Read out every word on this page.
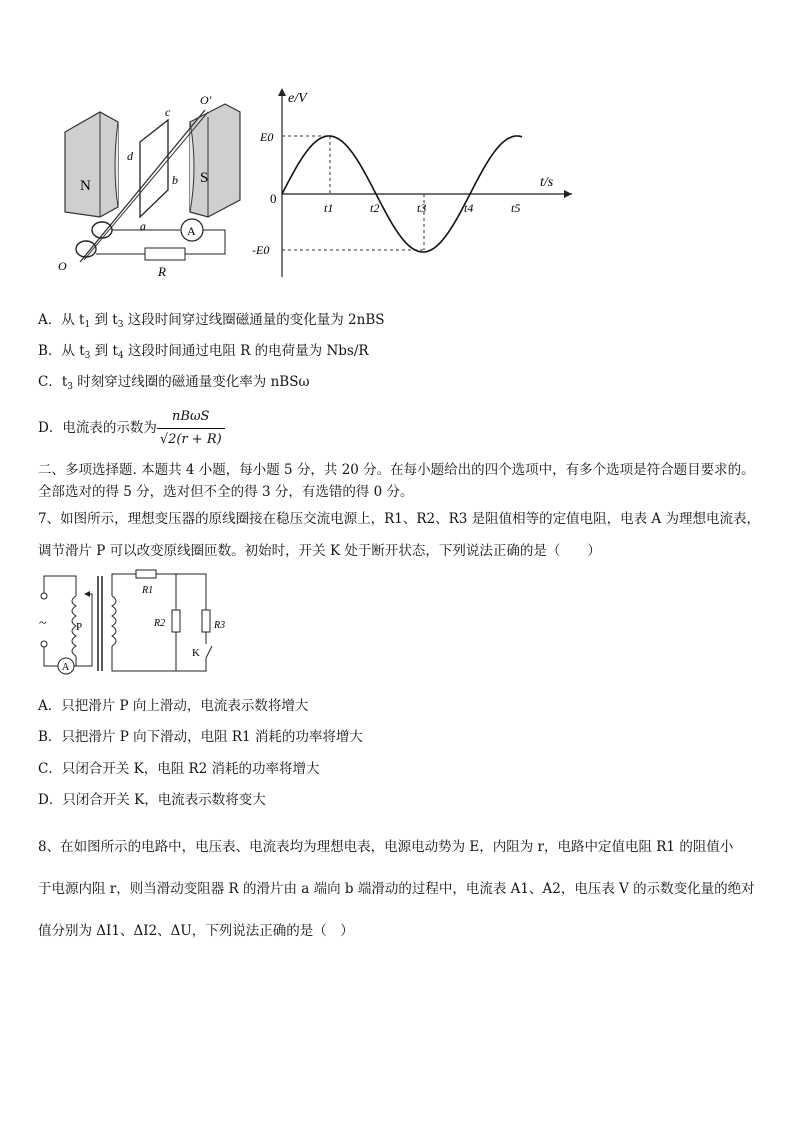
N	S
d
c
b
a
O′
O
A
R
e/V
t/s
0
E0
-E0
t1	t2	t3	t4	t5
A．从 $t_1$ 到 $t_3$ 这段时间穿过线圈磁通量的变化量为 2nBS
B．从 $t_3$ 到 $t_4$ 这段时间通过电阻 R 的电荷量为 Nbs/R
C．$t_3$ 时刻穿过线圈的磁通量变化率为 nBSω
D．电流表的示数为 $\frac{\text{nBωS}}{√2(r + R)}$
二、多项选择题. 本题共 4 小题，每小题 5 分，共 20 分。在每小题给出的四个选项中，有多个选项是符合题目要求的。
全部选对的得 5 分，选对但不全的得 3 分，有选错的得 0 分。
7、如图所示，理想变压器的原线圈接在稳压交流电源上，R1、R2、R3 是阻值相等的定值电阻，电表 A 为理想电流表，
调节滑片 P 可以改变原线圈匝数。初始时，开关 K 处于断开状态，下列说法正确的是（　　）
~
A
P
R1
R2	R3
K
A．只把滑片 P 向上滑动，电流表示数将增大
B．只把滑片 P 向下滑动，电阻 R1 消耗的功率将增大
C．只闭合开关 K，电阻 R2 消耗的功率将增大
D．只闭合开关 K，电流表示数将变大
8、在如图所示的电路中，电压表、电流表均为理想电表，电源电动势为 E，内阻为 r，电路中定值电阻 R1 的阻值小
于电源内阻 r，则当滑动变阻器 R 的滑片由 a 端向 b 端滑动的过程中，电流表 A1、A2，电压表 V 的示数变化量的绝对
值分别为 ΔI1、ΔI2、ΔU，下列说法正确的是（　）
